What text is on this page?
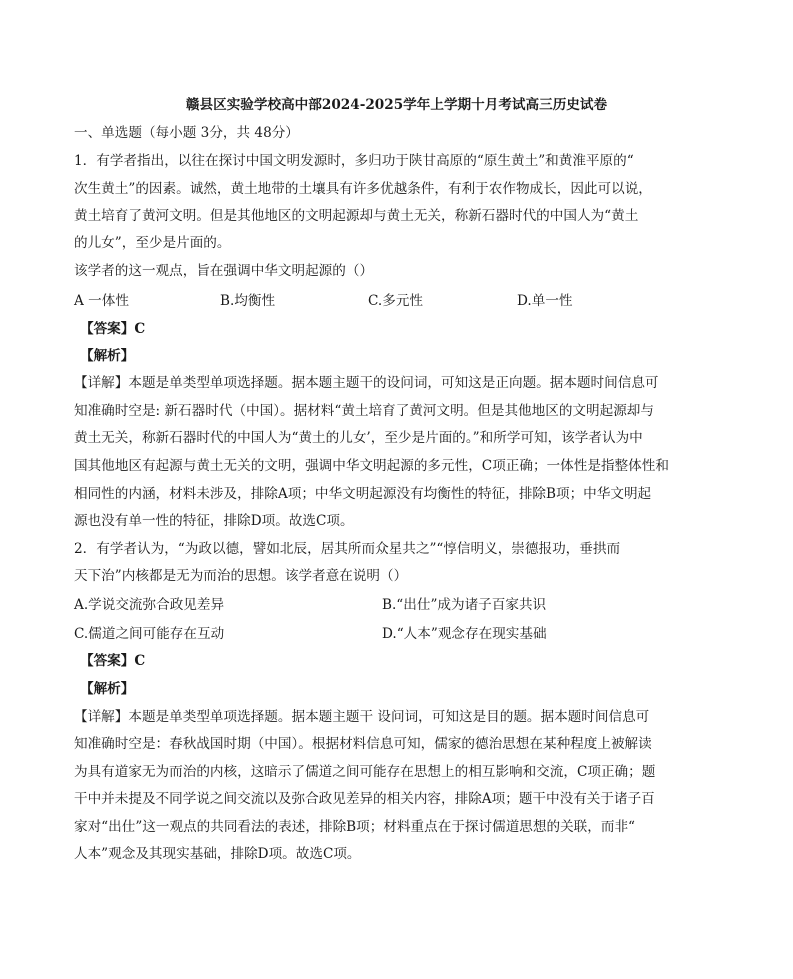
赣县区实验学校高中部2024-2025学年上学期十月考试高三历史试卷
一、单选题（每小题 3分，共 48分）
1．有学者指出，以往在探讨中国文明发源时，多归功于陕甘高原的“原生黄土”和黄淮平原的“
次生黄土”的因素。诚然，黄土地带的土壤具有许多优越条件，有利于农作物成长，因此可以说，
黄土培育了黄河文明。但是其他地区的文明起源却与黄土无关，称新石器时代的中国人为“黄土
的儿女”，至少是片面的。
该学者的这一观点，旨在强调中华文明起源的（）
A 一体性	B.均衡性	C.多元性	D.单一性
【答案】C
【解析】
【详解】本题是单类型单项选择题。据本题主题干的设问词，可知这是正向题。据本题时间信息可
知准确时空是: 新石器时代（中国）。据材料“黄土培育了黄河文明。但是其他地区的文明起源却与
黄土无关，称新石器时代的中国人为“黄土的儿女’，至少是片面的。”和所学可知，该学者认为中
国其他地区有起源与黄土无关的文明，强调中华文明起源的多元性，C项正确；一体性是指整体性和
相同性的内涵，材料未涉及，排除A项；中华文明起源没有均衡性的特征，排除B项；中华文明起
源也没有单一性的特征，排除D项。故选C项。
2．有学者认为，“为政以德，譬如北辰，居其所而众星共之”“惇信明义，崇德报功，垂拱而
天下治”内核都是无为而治的思想。该学者意在说明（）
A.学说交流弥合政见差异	B.“出仕”成为诸子百家共识
C.儒道之间可能存在互动	D.“人本”观念存在现实基础
【答案】C
【解析】
【详解】本题是单类型单项选择题。据本题主题干 设问词，可知这是目的题。据本题时间信息可
知准确时空是：春秋战国时期（中国）。根据材料信息可知，儒家的德治思想在某种程度上被解读
为具有道家无为而治的内核，这暗示了儒道之间可能存在思想上的相互影响和交流，C项正确；题
干中并未提及不同学说之间交流以及弥合政见差异的相关内容，排除A项；题干中没有关于诸子百
家对“出仕”这一观点的共同看法的表述，排除B项；材料重点在于探讨儒道思想的关联，而非“
人本”观念及其现实基础，排除D项。故选C项。
